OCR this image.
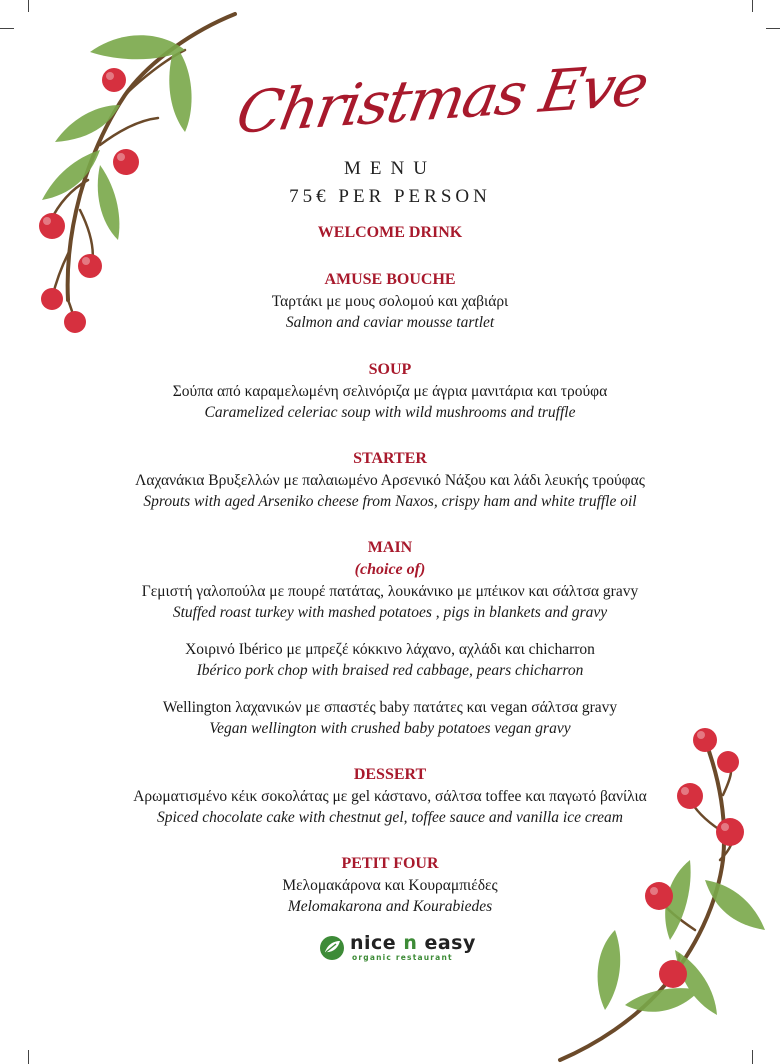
Christmas Eve
MENU
75€ PER PERSON
WELCOME DRINK
AMUSE BOUCHE
Ταρτάκι με μους σολομού και χαβιάρι
Salmon and caviar mousse tartlet
SOUP
Σούπα από καραμελωμένη σελινόριζα με άγρια μανιτάρια και τρούφα
Caramelized celeriac soup with wild mushrooms and truffle
STARTER
Λαχανάκια Βρυξελλών με παλαιωμένο Αρσενικό Νάξου και λάδι λευκής τρούφας
Sprouts with aged Arseniko cheese from Naxos, crispy ham and white truffle oil
MAIN
(choice of)
Γεμιστή γαλοπούλα με πουρέ πατάτας, λουκάνικο με μπέικον και σάλτσα gravy
Stuffed roast turkey with mashed potatoes , pigs in blankets and gravy
Χοιρινό Ibérico με μπρεζέ κόκκινο λάχανο, αχλάδι και chicharron
Ibérico pork chop with braised red cabbage, pears chicharron
Wellington λαχανικών με σπαστές baby πατάτες και vegan σάλτσα gravy
Vegan wellington with crushed baby potatoes vegan gravy
DESSERT
Αρωματισμένο κέικ σοκολάτας με gel κάστανο, σάλτσα toffee και παγωτό βανίλια
Spiced chocolate cake with chestnut gel, toffee sauce and vanilla ice cream
PETIT FOUR
Μελομακάρονα και Κουραμπιέδες
Melomakarona and Kourabiedes
nice n easy
organic restaurant
